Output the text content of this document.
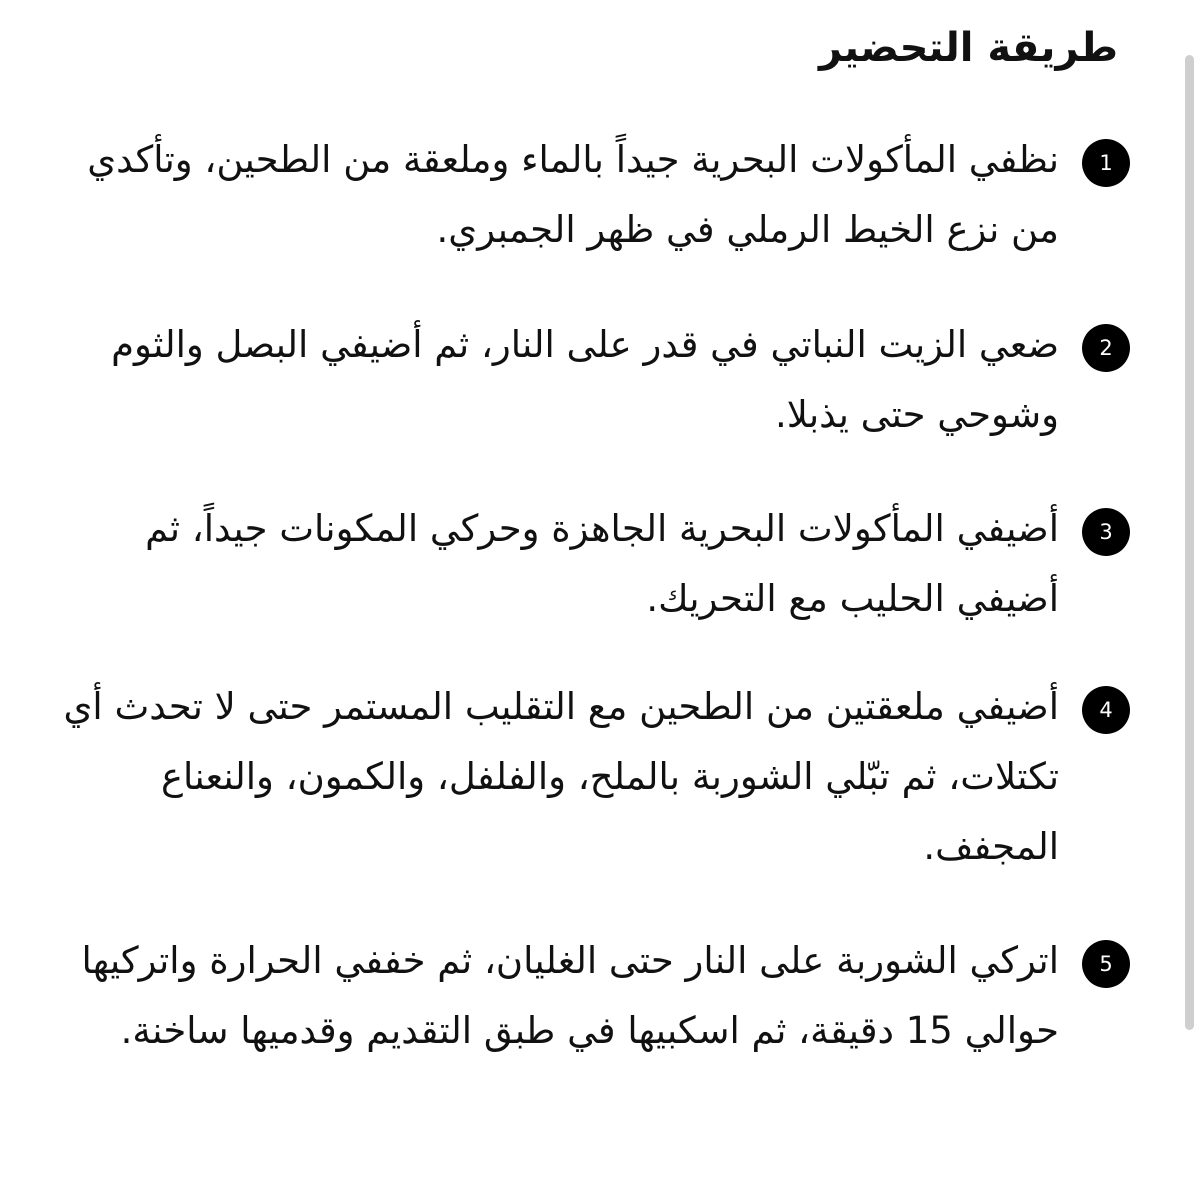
طريقة التحضير
1

نظفي المأكولات البحرية جيداً بالماء وملعقة من الطحين، وتأكدي من نزع الخيط الرملي في ظهر الجمبري.

2

ضعي الزيت النباتي في قدر على النار، ثم أضيفي البصل والثوم وشوحي حتى يذبلا.

3

أضيفي المأكولات البحرية الجاهزة وحركي المكونات جيداً، ثم أضيفي الحليب مع التحريك.

4

أضيفي ملعقتين من الطحين مع التقليب المستمر حتى لا تحدث أي تكتلات، ثم تبّلي الشوربة بالملح، والفلفل، والكمون، والنعناع المجفف.

5

اتركي الشوربة على النار حتى الغليان، ثم خففي الحرارة واتركيها حوالي 15 دقيقة، ثم اسكبيها في طبق التقديم وقدميها ساخنة.
